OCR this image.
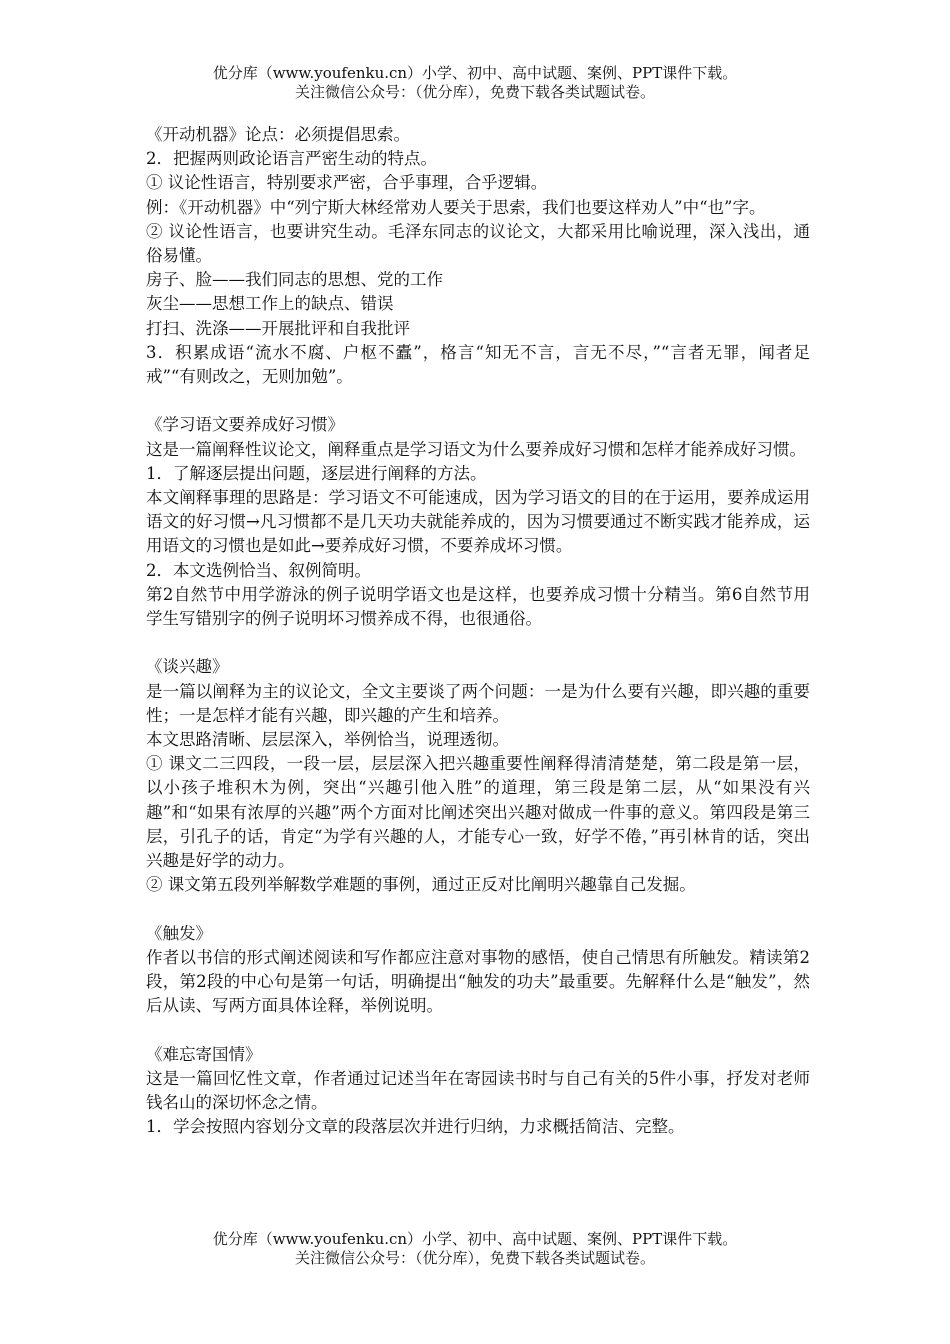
优分库（www.youfenku.cn）小学、初中、高中试题、案例、PPT课件下载。
关注微信公众号：（优分库），免费下载各类试题试卷。

《开动机器》论点：必须提倡思索。

2．把握两则政论语言严密生动的特点。

① 议论性语言，特别要求严密，合乎事理，合乎逻辑。

例：《开动机器》中“列宁斯大林经常劝人要关于思索，我们也要这样劝人”中“也”字。

② 议论性语言，也要讲究生动。毛泽东同志的议论文，大都采用比喻说理，深入浅出，通俗易懂。

房子、脸——我们同志的思想、党的工作

灰尘——思想工作上的缺点、错误

打扫、洗涤——开展批评和自我批评

3．积累成语“流水不腐、户枢不蠹”，格言“知无不言，言无不尽，”“言者无罪，闻者足戒”“有则改之，无则加勉”。

《学习语文要养成好习惯》

这是一篇阐释性议论文，阐释重点是学习语文为什么要养成好习惯和怎样才能养成好习惯。

1．了解逐层提出问题，逐层进行阐释的方法。

本文阐释事理的思路是：学习语文不可能速成，因为学习语文的目的在于运用，要养成运用语文的好习惯→凡习惯都不是几天功夫就能养成的，因为习惯要通过不断实践才能养成，运用语文的习惯也是如此→要养成好习惯，不要养成坏习惯。

2．本文选例恰当、叙例简明。

第2自然节中用学游泳的例子说明学语文也是这样，也要养成习惯十分精当。第6自然节用学生写错别字的例子说明坏习惯养成不得，也很通俗。

《谈兴趣》

是一篇以阐释为主的议论文，全文主要谈了两个问题：一是为什么要有兴趣，即兴趣的重要性；一是怎样才能有兴趣，即兴趣的产生和培养。

本文思路清晰、层层深入，举例恰当，说理透彻。

① 课文二三四段，一段一层，层层深入把兴趣重要性阐释得清清楚楚，第二段是第一层，以小孩子堆积木为例，突出“兴趣引他入胜”的道理，第三段是第二层，从“如果没有兴趣”和“如果有浓厚的兴趣”两个方面对比阐述突出兴趣对做成一件事的意义。第四段是第三层，引孔子的话，肯定“为学有兴趣的人，才能专心一致，好学不倦，”再引林肯的话，突出兴趣是好学的动力。

② 课文第五段列举解数学难题的事例，通过正反对比阐明兴趣靠自己发掘。

《触发》

作者以书信的形式阐述阅读和写作都应注意对事物的感悟，使自己情思有所触发。精读第2段，第2段的中心句是第一句话，明确提出“触发的功夫”最重要。先解释什么是“触发”，然后从读、写两方面具体诠释，举例说明。

《难忘寄国情》

这是一篇回忆性文章，作者通过记述当年在寄园读书时与自己有关的5件小事，抒发对老师钱名山的深切怀念之情。

1．学会按照内容划分文章的段落层次并进行归纳，力求概括简洁、完整。

优分库（www.youfenku.cn）小学、初中、高中试题、案例、PPT课件下载。
关注微信公众号：（优分库），免费下载各类试题试卷。
